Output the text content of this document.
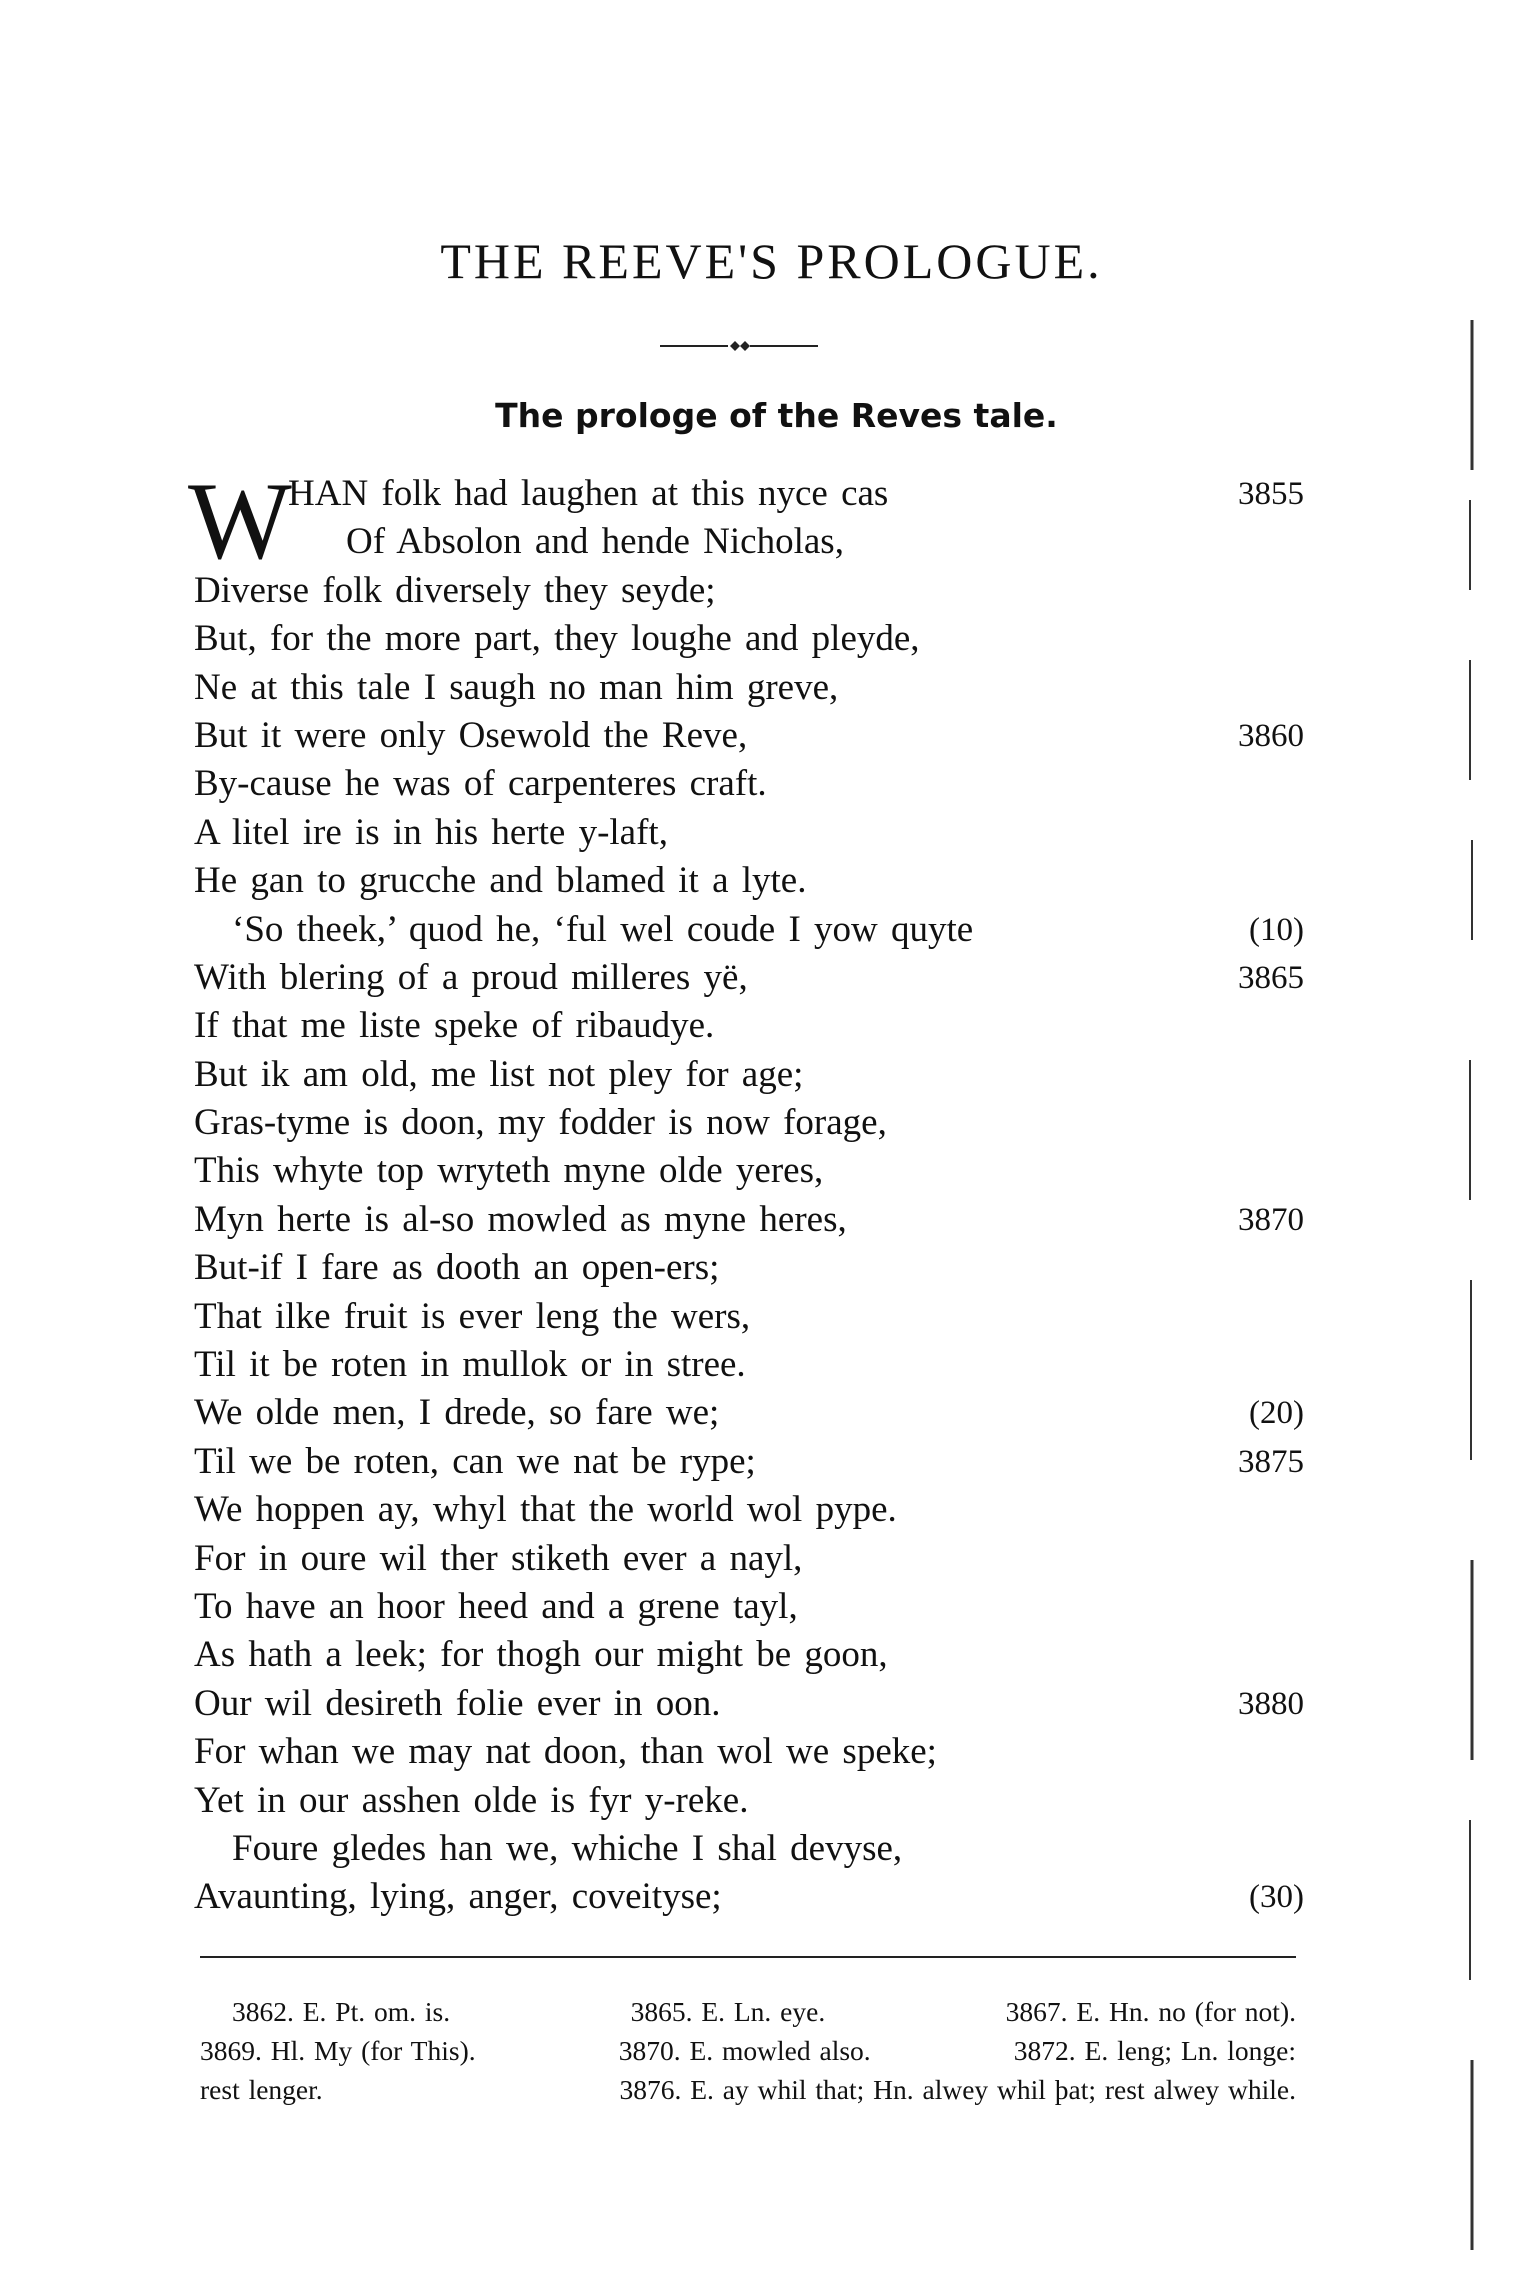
THE REEVE'S PROLOGUE.
The prologe of the Reves tale.
W
HAN folk had laughen at this nyce cas	3855
Of Absolon and hende Nicholas,
Diverse folk diversely they seyde;
But, for the more part, they loughe and pleyde,
Ne at this tale I saugh no man him greve,
But it were only Osewold the Reve,	3860
By-cause he was of carpenteres craft.
A litel ire is in his herte y-laft,
He gan to grucche and blamed it a lyte.
‘So theek,’ quod he, ‘ful wel coude I yow quyte	(10)
With blering of a proud milleres yë,	3865
If that me liste speke of ribaudye.
But ik am old, me list not pley for age;
Gras-tyme is doon, my fodder is now forage,
This whyte top wryteth myne olde yeres,
Myn herte is al-so mowled as myne heres,	3870
But-if I fare as dooth an open-ers;
That ilke fruit is ever leng the wers,
Til it be roten in mullok or in stree.
We olde men, I drede, so fare we;	(20)
Til we be roten, can we nat be rype;	3875
We hoppen ay, whyl that the world wol pype.
For in oure wil ther stiketh ever a nayl,
To have an hoor heed and a grene tayl,
As hath a leek; for thogh our might be goon,
Our wil desireth folie ever in oon.	3880
For whan we may nat doon, than wol we speke;
Yet in our asshen olde is fyr y-reke.
Foure gledes han we, whiche I shal devyse,
Avaunting, lying, anger, coveityse;	(30)
3862. E. Pt. om. is.	3865. E. Ln. eye.	3867. E. Hn. no (for not).
3869. Hl. My (for This).	3870. E. mowled also.	3872. E. leng; Ln. longe:
rest lenger.	3876. E. ay whil that; Hn. alwey whil þat; rest alwey while.
